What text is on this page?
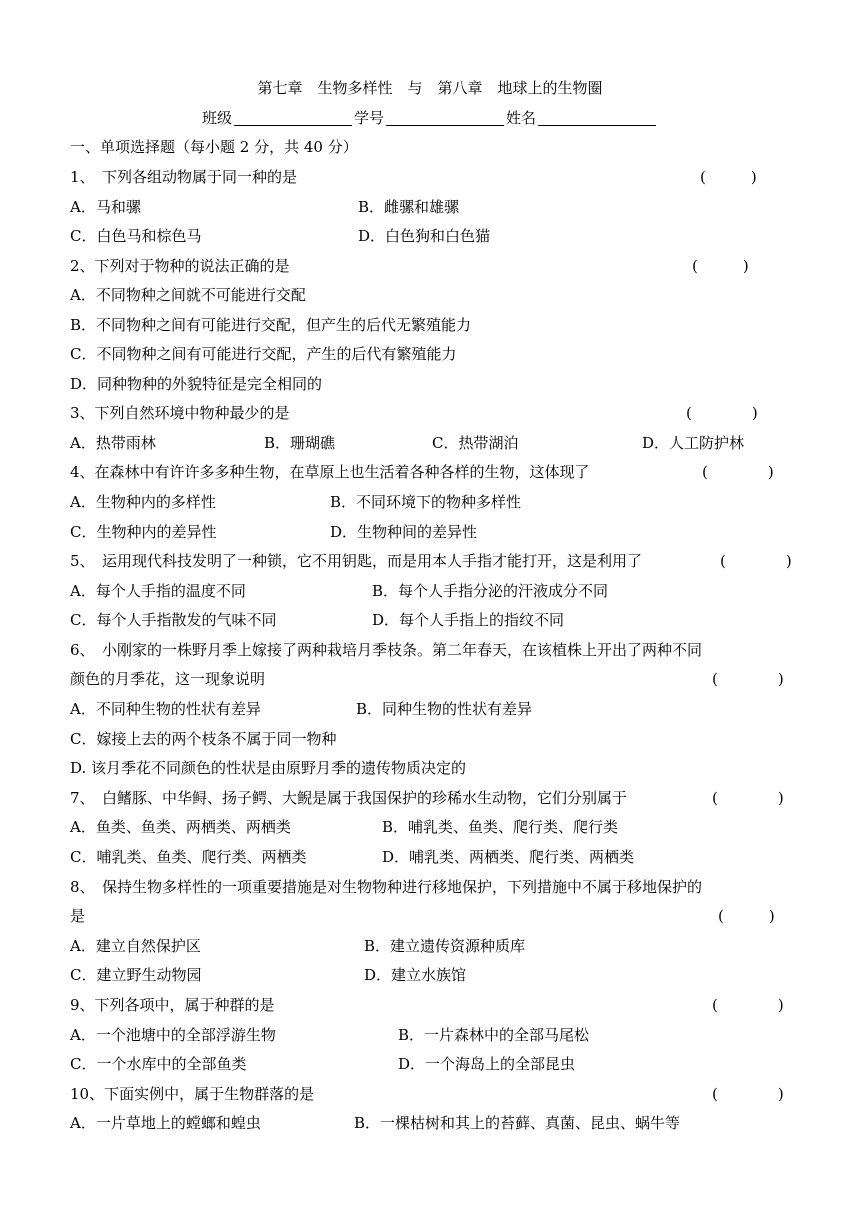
第七章　生物多样性　与　第八章　地球上的生物圈
班级	学号	姓名
一、单项选择题（每小题 2 分，共 40 分）
1、　下列各组动物属于同一种的是	(　　　)
A．马和骡	B．雌骡和雄骡
C．白色马和棕色马	D．白色狗和白色猫
2、下列对于物种的说法正确的是	(　　　)
A．不同物种之间就不可能进行交配
B．不同物种之间有可能进行交配，但产生的后代无繁殖能力
C．不同物种之间有可能进行交配，产生的后代有繁殖能力
D．同种物种的外貌特征是完全相同的
3、下列自然环境中物种最少的是	(　　　　)
A．热带雨林	B．珊瑚礁	C．热带湖泊	D．人工防护林
4、在森林中有许许多多种生物，在草原上也生活着各种各样的生物，这体现了	(　　　　)
A．生物种内的多样性	B．不同环境下的物种多样性
C．生物种内的差异性	D．生物种间的差异性
5、　运用现代科技发明了一种锁，它不用钥匙，而是用本人手指才能打开，这是利用了	(　　　　)
A．每个人手指的温度不同	B．每个人手指分泌的汗液成分不同
C．每个人手指散发的气味不同	D．每个人手指上的指纹不同
6、　小刚家的一株野月季上嫁接了两种栽培月季枝条。第二年春天，在该植株上开出了两种不同
颜色的月季花，这一现象说明	(　　　　)
A．不同种生物的性状有差异	B．同种生物的性状有差异
C．嫁接上去的两个枝条不属于同一物种
D. 该月季花不同颜色的性状是由原野月季的遗传物质决定的
7、　白鳍豚、中华鲟、扬子鳄、大鲵是属于我国保护的珍稀水生动物，它们分别属于	(　　　　)
A．鱼类、鱼类、两栖类、两栖类	B．哺乳类、鱼类、爬行类、爬行类
C．哺乳类、鱼类、爬行类、两栖类	D．哺乳类、两栖类、爬行类、两栖类
8、　保持生物多样性的一项重要措施是对生物物种进行移地保护，下列措施中不属于移地保护的
是	(　　　)
A．建立自然保护区	B．建立遗传资源种质库
C．建立野生动物园	D．建立水族馆
9、下列各项中，属于种群的是	(　　　　)
A．一个池塘中的全部浮游生物	B．一片森林中的全部马尾松
C．一个水库中的全部鱼类	D．一个海岛上的全部昆虫
10、下面实例中，属于生物群落的是	(　　　　)
A．一片草地上的螳螂和蝗虫	B．一棵枯树和其上的苔藓、真菌、昆虫、蜗牛等
